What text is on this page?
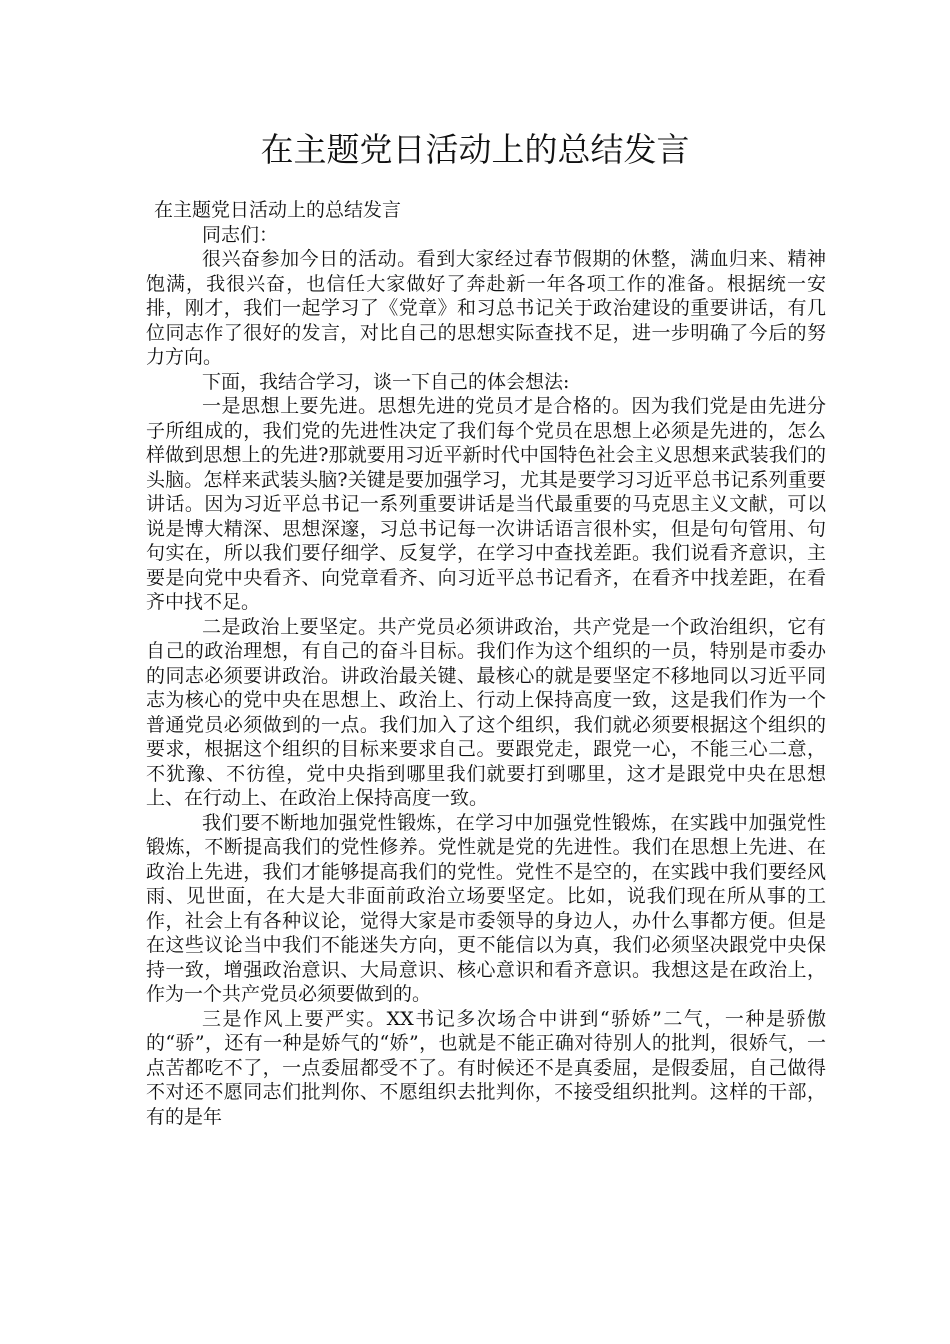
在主题党日活动上的总结发言

在主题党日活动上的总结发言

同志们：

很兴奋参加今日的活动。看到大家经过春节假期的休整，满血归来、精神饱满，我很兴奋，也信任大家做好了奔赴新一年各项工作的准备。根据统一安排，刚才，我们一起学习了《党章》和习总书记关于政治建设的重要讲话，有几位同志作了很好的发言，对比自己的思想实际查找不足，进一步明确了今后的努力方向。

下面，我结合学习，谈一下自己的体会想法:

一是思想上要先进。思想先进的党员才是合格的。因为我们党是由先进分子所组成的，我们党的先进性决定了我们每个党员在思想上必须是先进的，怎么样做到思想上的先进?那就要用习近平新时代中国特色社会主义思想来武装我们的头脑。怎样来武装头脑?关键是要加强学习，尤其是要学习习近平总书记系列重要讲话。因为习近平总书记一系列重要讲话是当代最重要的马克思主义文献，可以说是博大精深、思想深邃，习总书记每一次讲话语言很朴实，但是句句管用、句句实在，所以我们要仔细学、反复学，在学习中查找差距。我们说看齐意识，主要是向党中央看齐、向党章看齐、向习近平总书记看齐，在看齐中找差距，在看齐中找不足。

二是政治上要坚定。共产党员必须讲政治，共产党是一个政治组织，它有自己的政治理想，有自己的奋斗目标。我们作为这个组织的一员，特别是市委办的同志必须要讲政治。讲政治最关键、最核心的就是要坚定不移地同以习近平同志为核心的党中央在思想上、政治上、行动上保持高度一致，这是我们作为一个普通党员必须做到的一点。我们加入了这个组织，我们就必须要根据这个组织的要求，根据这个组织的目标来要求自己。要跟党走，跟党一心，不能三心二意，不犹豫、不彷徨，党中央指到哪里我们就要打到哪里，这才是跟党中央在思想上、在行动上、在政治上保持高度一致。

我们要不断地加强党性锻炼，在学习中加强党性锻炼，在实践中加强党性锻炼，不断提高我们的党性修养。党性就是党的先进性。我们在思想上先进、在政治上先进，我们才能够提高我们的党性。党性不是空的，在实践中我们要经风雨、见世面，在大是大非面前政治立场要坚定。比如，说我们现在所从事的工作，社会上有各种议论，觉得大家是市委领导的身边人，办什么事都方便。但是在这些议论当中我们不能迷失方向，更不能信以为真，我们必须坚决跟党中央保持一致，增强政治意识、大局意识、核心意识和看齐意识。我想这是在政治上，作为一个共产党员必须要做到的。

三是作风上要严实。XX书记多次场合中讲到“骄娇”二气，一种是骄傲的“骄”，还有一种是娇气的“娇”，也就是不能正确对待别人的批判，很娇气，一点苦都吃不了，一点委屈都受不了。有时候还不是真委屈，是假委屈，自己做得不对还不愿同志们批判你、不愿组织去批判你，不接受组织批判。这样的干部，有的是年
